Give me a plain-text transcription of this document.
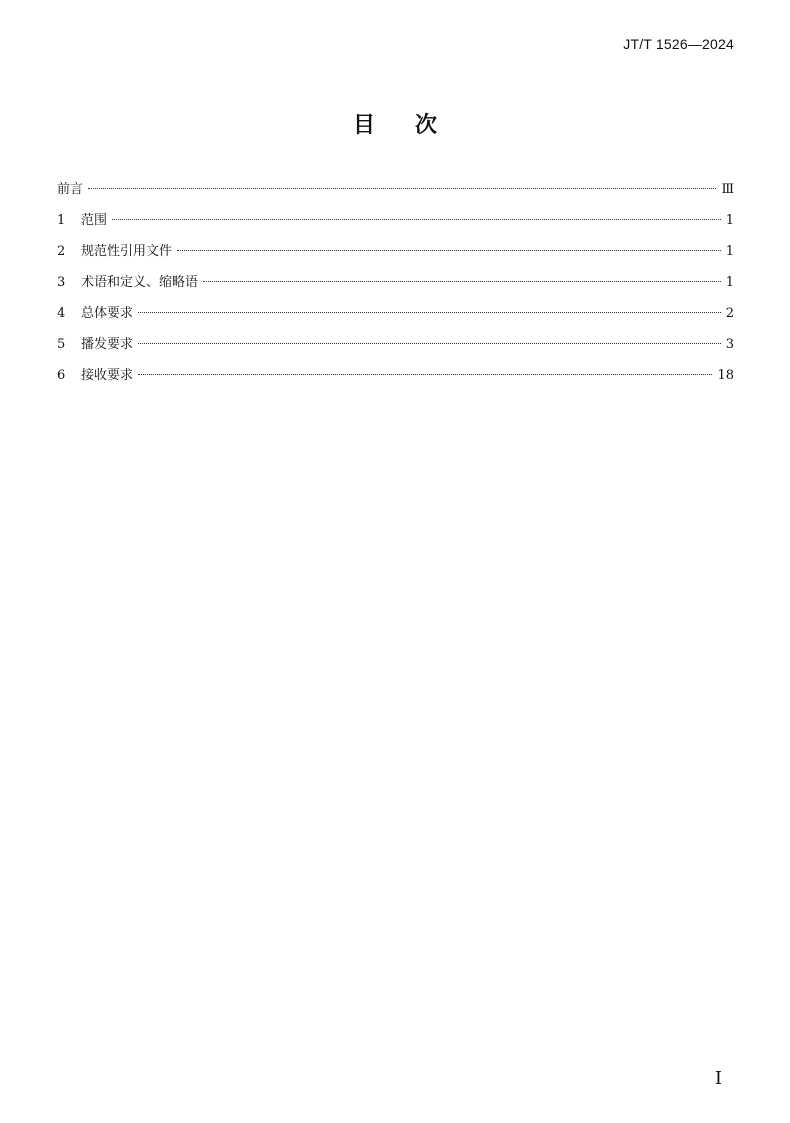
JT/T 1526—2024
目 次
前言	Ⅲ
1	范围	1
2	规范性引用文件	1
3	术语和定义、缩略语	1
4	总体要求	2
5	播发要求	3
6	接收要求	18
I
